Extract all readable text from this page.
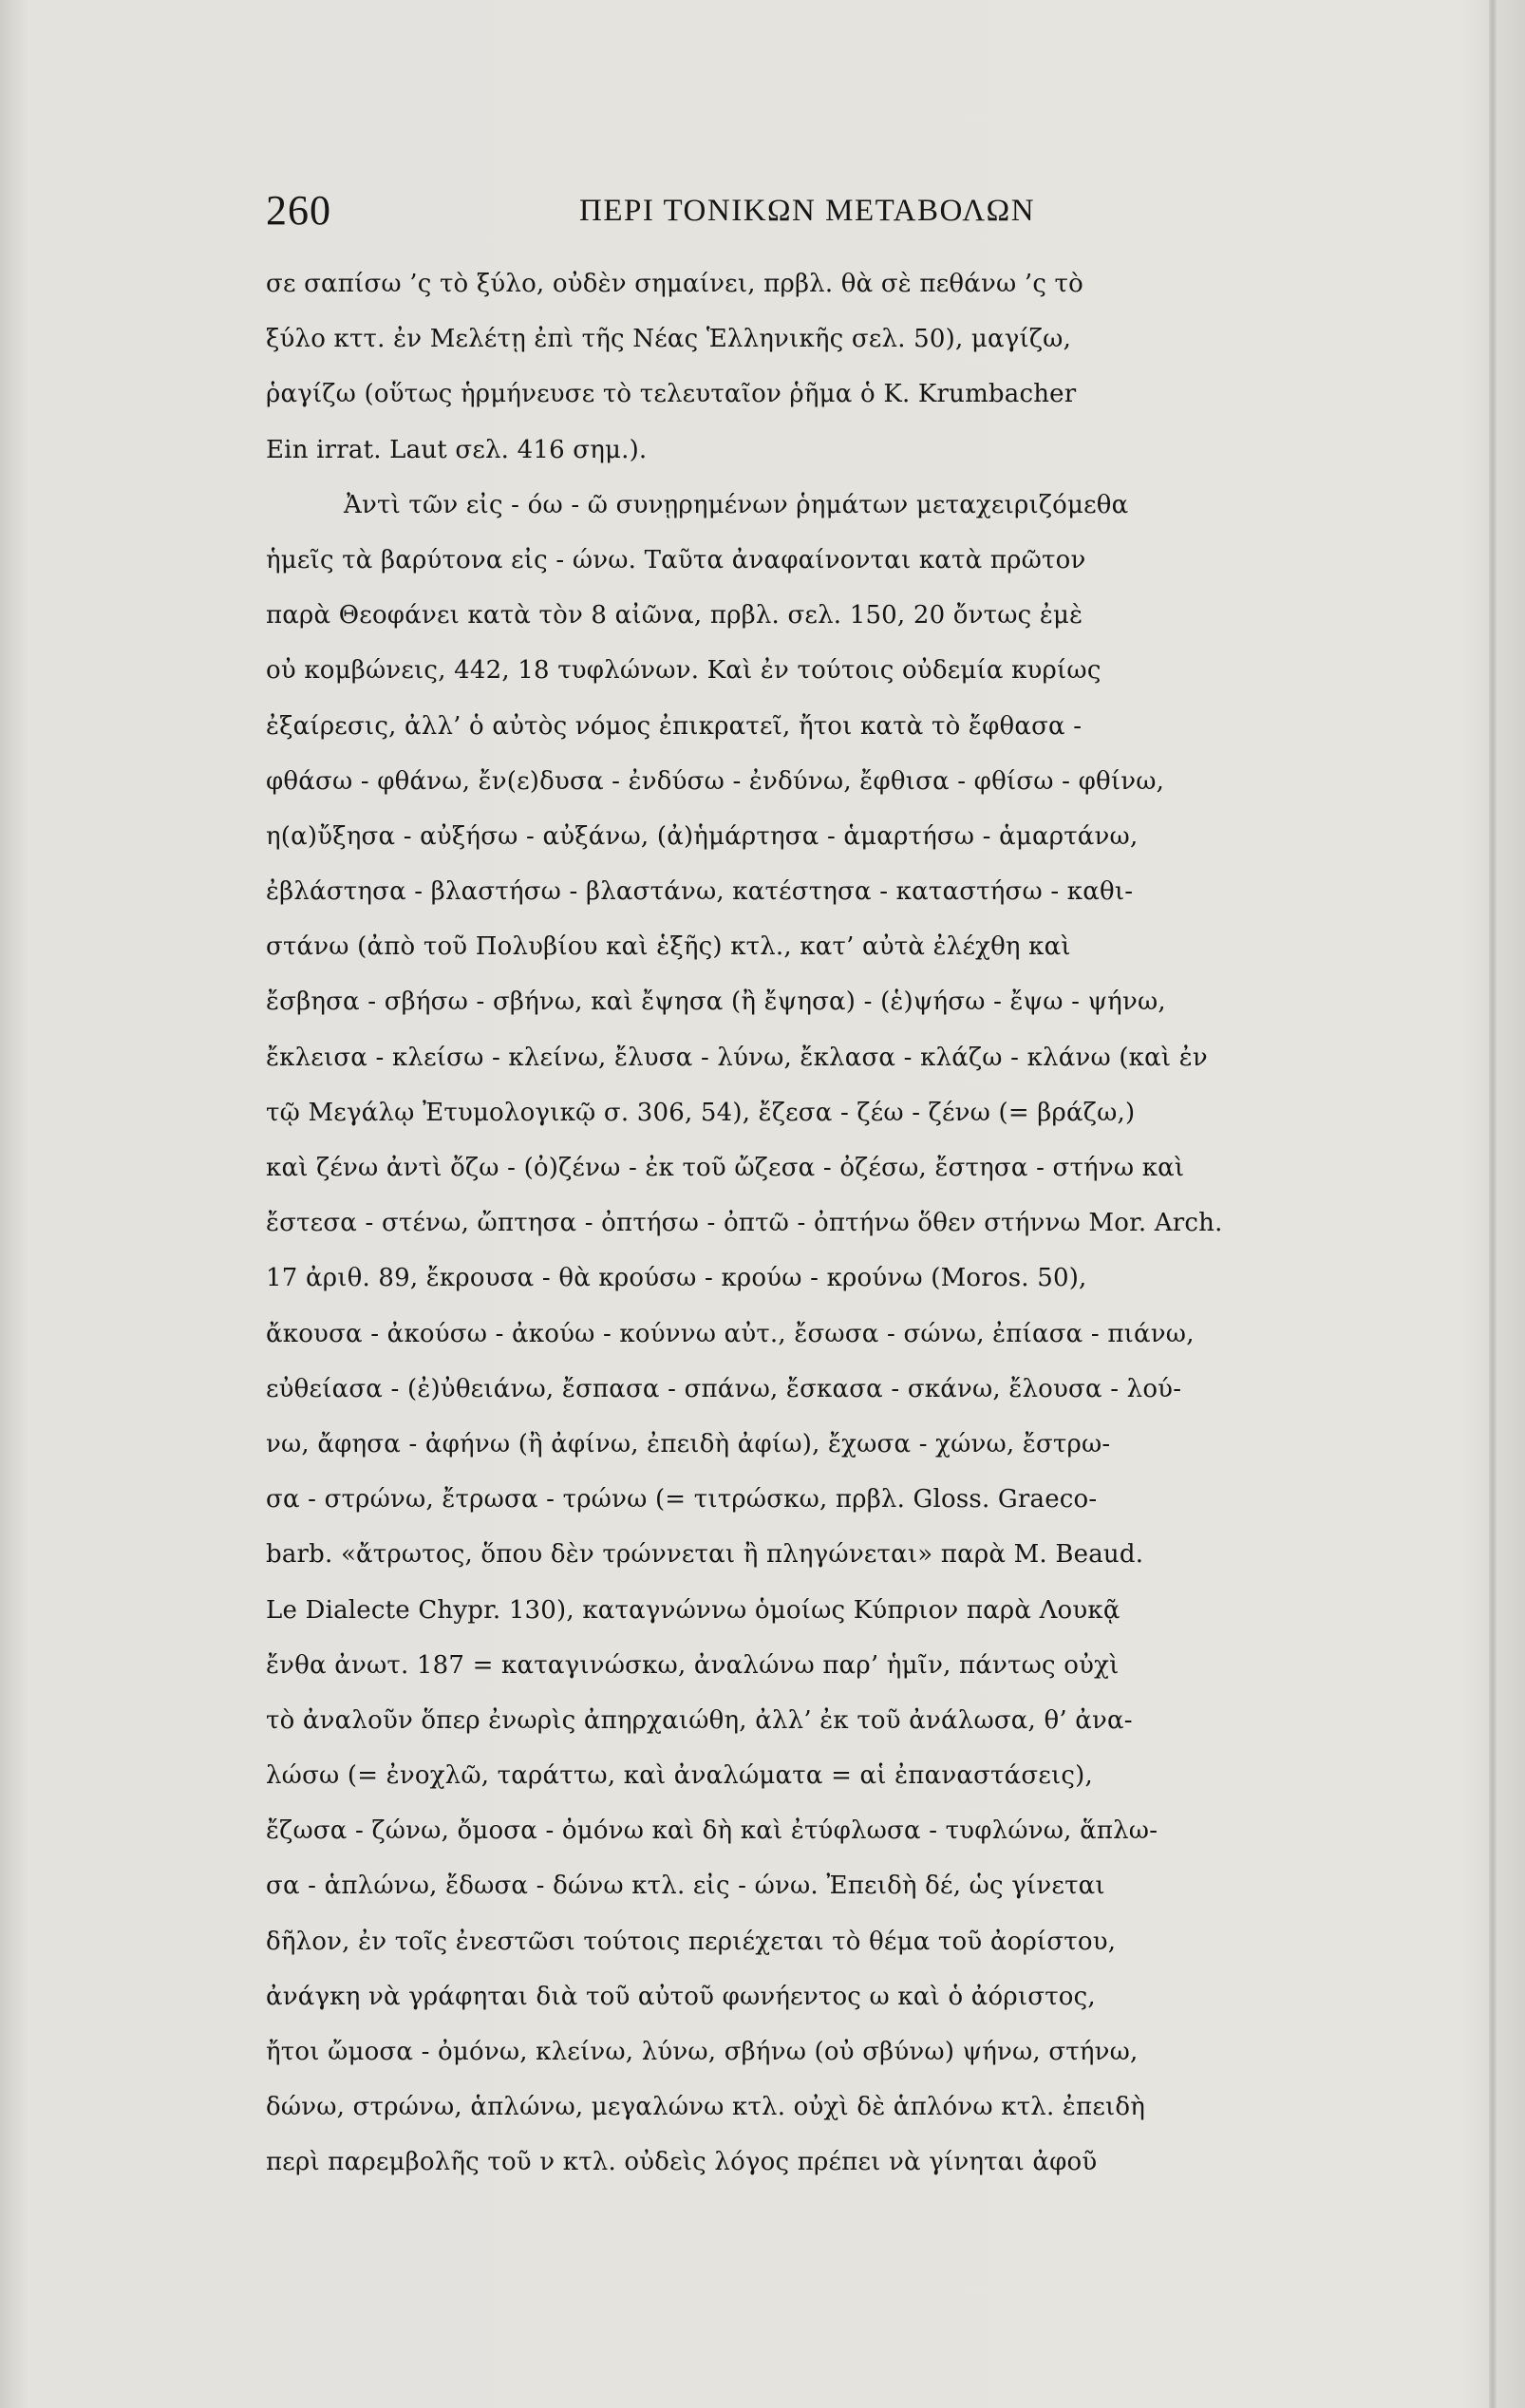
260	ΠΕΡΙ ΤΟΝΙΚΩΝ ΜΕΤΑΒΟΛΩΝ
σε σαπίσω ’ς τὸ ξύλο, οὐδὲν σημαίνει, πρβλ. θὰ σὲ πεθάνω ’ς τὸ
ξύλο κττ. ἐν Μελέτῃ ἐπὶ τῆς Νέας Ἑλληνικῆς σελ. 50), μαγίζω,
ῥαγίζω (οὕτως ἡρμήνευσε τὸ τελευταῖον ῥῆμα ὁ K. Krumbacher
Ein irrat. Laut σελ. 416 σημ.).
Ἀντὶ τῶν εἰς - όω - ῶ συνῃρημένων ῥημάτων μεταχειριζόμεθα
ἡμεῖς τὰ βαρύτονα εἰς - ώνω. Ταῦτα ἀναφαίνονται κατὰ πρῶτον
παρὰ Θεοφάνει κατὰ τὸν 8 αἰῶνα, πρβλ. σελ. 150, 20 ὄντως ἐμὲ
οὐ κομβώνεις, 442, 18 τυφλώνων. Καὶ ἐν τούτοις οὐδεμία κυρίως
ἐξαίρεσις, ἀλλ’ ὁ αὐτὸς νόμος ἐπικρατεῖ, ἤτοι κατὰ τὸ ἔφθασα -
φθάσω - φθάνω, ἔν(ε)δυσα - ἐνδύσω - ἐνδύνω, ἔφθισα - φθίσω - φθίνω,
η(α)ὔξησα - αὐξήσω - αὐξάνω, (ἀ)ἡμάρτησα - ἁμαρτήσω - ἁμαρτάνω,
ἐβλάστησα - βλαστήσω - βλαστάνω, κατέστησα - καταστήσω - καθι-
στάνω (ἀπὸ τοῦ Πολυβίου καὶ ἑξῆς) κτλ., κατ’ αὐτὰ ἐλέχθη καὶ
ἔσβησα - σβήσω - σβήνω, καὶ ἔψησα (ἢ ἔψησα) - (ἑ)ψήσω - ἔψω - ψήνω,
ἔκλεισα - κλείσω - κλείνω, ἔλυσα - λύνω, ἔκλασα - κλάζω - κλάνω (καὶ ἐν
τῷ Μεγάλῳ Ἐτυμολογικῷ σ. 306, 54), ἔζεσα - ζέω - ζένω (= βράζω,)
καὶ ζένω ἀντὶ ὄζω - (ὀ)ζένω - ἐκ τοῦ ὤζεσα - ὀζέσω, ἔστησα - στήνω καὶ
ἔστεσα - στένω, ὤπτησα - ὀπτήσω - ὀπτῶ - ὀπτήνω ὅθεν στήννω Mor. Arch.
17 ἀριθ. 89, ἔκρουσα - θὰ κρούσω - κρούω - κρούνω (Moros. 50),
ἄκουσα - ἀκούσω - ἀκούω - κούννω αὐτ., ἔσωσα - σώνω, ἐπίασα - πιάνω,
εὐθείασα - (ἐ)ὐθειάνω, ἔσπασα - σπάνω, ἔσκασα - σκάνω, ἔλουσα - λού-
νω, ἄφησα - ἀφήνω (ἢ ἀφίνω, ἐπειδὴ ἀφίω), ἔχωσα - χώνω, ἔστρω-
σα - στρώνω, ἔτρωσα - τρώνω (= τιτρώσκω, πρβλ. Gloss. Graeco-
barb. «ἄτρωτος, ὅπου δὲν τρώννεται ἢ πληγώνεται» παρὰ M. Beaud.
Le Dialecte Chypr. 130), καταγνώννω ὁμοίως Κύπριον παρὰ Λουκᾷ
ἔνθα ἀνωτ. 187 = καταγινώσκω, ἀναλώνω παρ’ ἡμῖν, πάντως οὐχὶ
τὸ ἀναλοῦν ὅπερ ἐνωρὶς ἀπηρχαιώθη, ἀλλ’ ἐκ τοῦ ἀνάλωσα, θ’ ἀνα-
λώσω (= ἐνοχλῶ, ταράττω, καὶ ἀναλώματα = αἱ ἐπαναστάσεις),
ἔζωσα - ζώνω, ὄμοσα - ὀμόνω καὶ δὴ καὶ ἐτύφλωσα - τυφλώνω, ἅπλω-
σα - ἁπλώνω, ἔδωσα - δώνω κτλ. εἰς - ώνω. Ἐπειδὴ δέ, ὡς γίνεται
δῆλον, ἐν τοῖς ἐνεστῶσι τούτοις περιέχεται τὸ θέμα τοῦ ἀορίστου,
ἀνάγκη νὰ γράφηται διὰ τοῦ αὐτοῦ φωνήεντος ω καὶ ὁ ἀόριστος,
ἤτοι ὤμοσα - ὀμόνω, κλείνω, λύνω, σβήνω (οὐ σβύνω) ψήνω, στήνω,
δώνω, στρώνω, ἁπλώνω, μεγαλώνω κτλ. οὐχὶ δὲ ἁπλόνω κτλ. ἐπειδὴ
περὶ παρεμβολῆς τοῦ ν κτλ. οὐδεὶς λόγος πρέπει νὰ γίνηται ἀφοῦ
